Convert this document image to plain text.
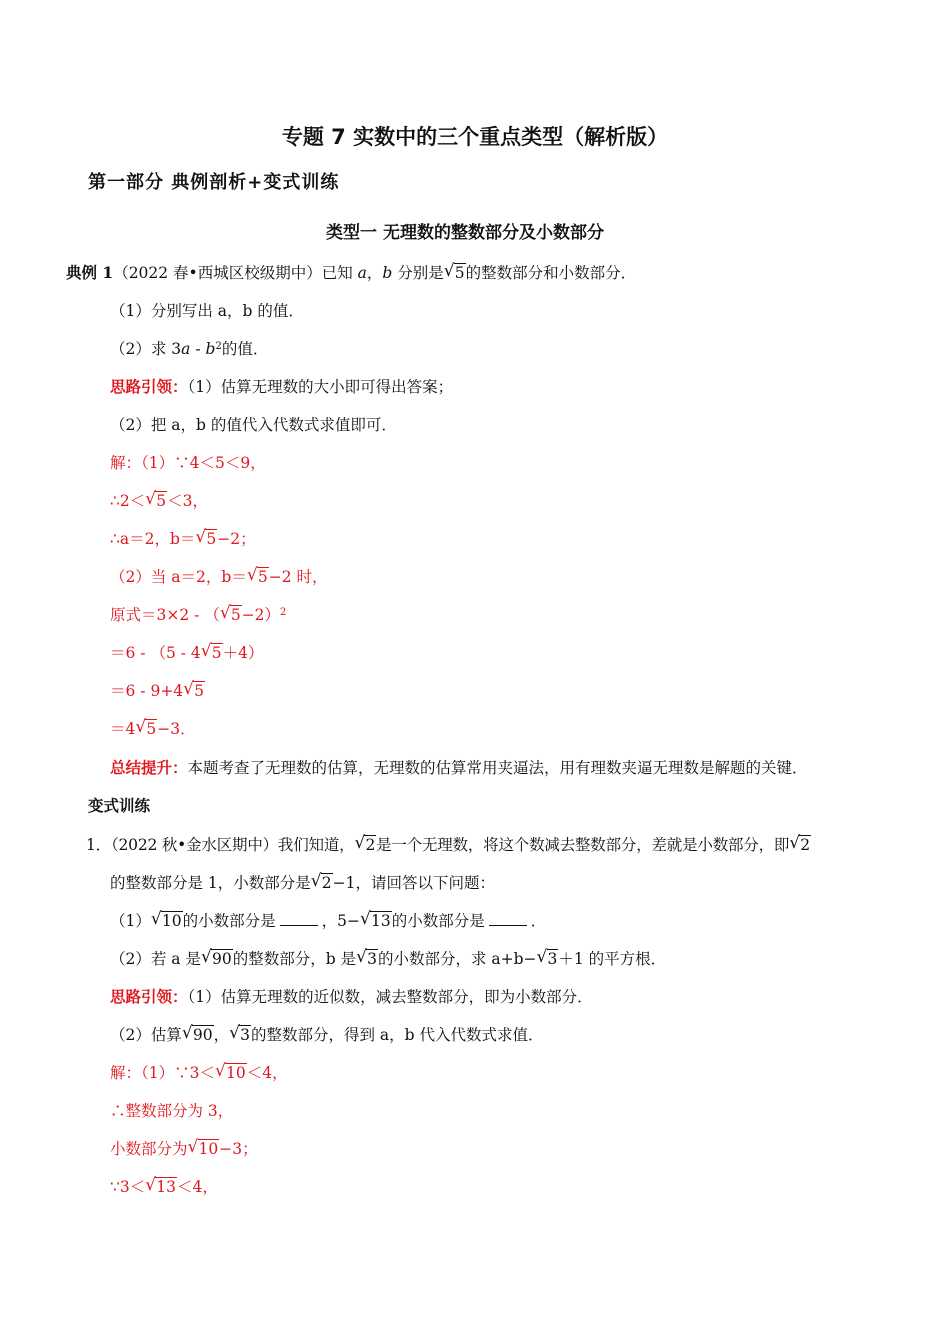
专题 7 实数中的三个重点类型（解析版）
第一部分 典例剖析+变式训练
类型一 无理数的整数部分及小数部分
典例 1（2022 春•西城区校级期中）已知 a，b 分别是 √ 5的整数部分和小数部分．
（1）分别写出 a，b 的值．
（2）求 $3a - b^2$的值．
思路引领：（1）估算无理数的大小即可得出答案；
（2）把 a，b 的值代入代数式求值即可．
解：（1）∵4＜5＜9，
∴2＜ √ 5＜3，
∴a＝2，b＝ √ 5−2；
（2）当 a＝2，b＝ √ 5−2 时，
原式＝3×2 - （ √ 5−2）$^2$
＝6 - （5 - 4 √ 5＋4）
＝6 - 9+4 √ 5
＝4 √ 5−3．
总结提升：本题考查了无理数的估算，无理数的估算常用夹逼法，用有理数夹逼无理数是解题的关键．
变式训练
1．（2022 秋•金水区期中）我们知道， √ 2是一个无理数，将这个数减去整数部分，差就是小数部分，即 √ 2
的整数部分是 1，小数部分是 √ 2−1，请回答以下问题：
（1） √ 10的小数部分是	，5− √ 13的小数部分是	．
（2）若 a 是 √ 90的整数部分，b 是 √ 3的小数部分，求 a+b− √ 3＋1 的平方根．
思路引领：（1）估算无理数的近似数，减去整数部分，即为小数部分．
（2）估算 √ 90， √ 3的整数部分，得到 a，b 代入代数式求值．
解：（1）∵3＜ √ 10＜4，
∴整数部分为 3，
小数部分为 √ 10−3；
∵3＜ √ 13＜4，
